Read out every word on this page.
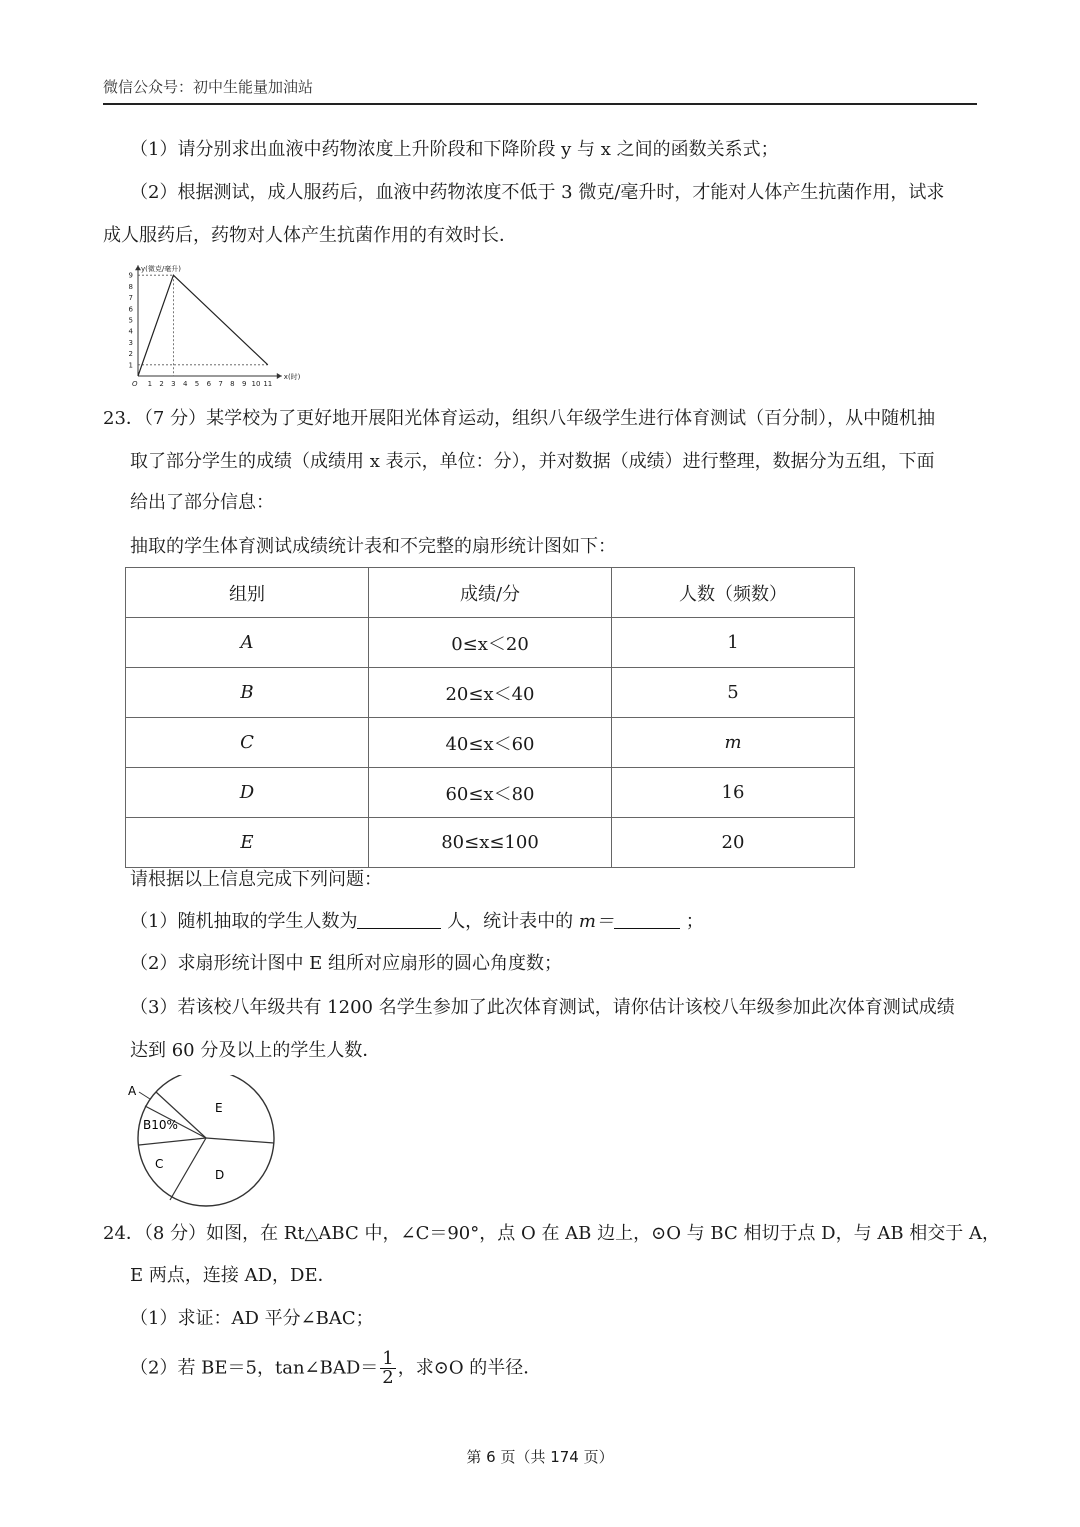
微信公众号：初中生能量加油站
（1）请分别求出血液中药物浓度上升阶段和下降阶段 y 与 x 之间的函数关系式；
（2）根据测试，成人服药后，血液中药物浓度不低于 3 微克/毫升时，才能对人体产生抗菌作用，试求
成人服药后，药物对人体产生抗菌作用的有效时长．
1 2 3 4 5 6 7 8 9 10 11
1
2
3
4
5
6
7
8
9
O
y(微克/毫升)
x(时)
23．（7 分）某学校为了更好地开展阳光体育运动，组织八年级学生进行体育测试（百分制），从中随机抽
取了部分学生的成绩（成绩用 x 表示，单位：分），并对数据（成绩）进行整理，数据分为五组，下面
给出了部分信息：
抽取的学生体育测试成绩统计表和不完整的扇形统计图如下：
组别	成绩/分	人数（频数）
A	0≤x＜20	1
B	20≤x＜40	5
C	40≤x＜60	m
D	60≤x＜80	16
E	80≤x≤100	20
请根据以上信息完成下列问题：
（1）随机抽取的学生人数为	人，统计表中的 m＝	；
（2）求扇形统计图中 E 组所对应扇形的圆心角度数；
（3）若该校八年级共有 1200 名学生参加了此次体育测试，请你估计该校八年级参加此次体育测试成绩
达到 60 分及以上的学生人数．
A
B10%
C
D
E
24．（8 分）如图，在 Rt△ABC 中，∠C＝90°，点 O 在 AB 边上，⊙O 与 BC 相切于点 D，与 AB 相交于 A，
E 两点，连接 AD，DE．
（1）求证：AD 平分∠BAC；
（2）若 BE＝5，tan∠BAD＝ $\frac{1}{2}$ ，求⊙O 的半径．
第 6 页（共 174 页）
